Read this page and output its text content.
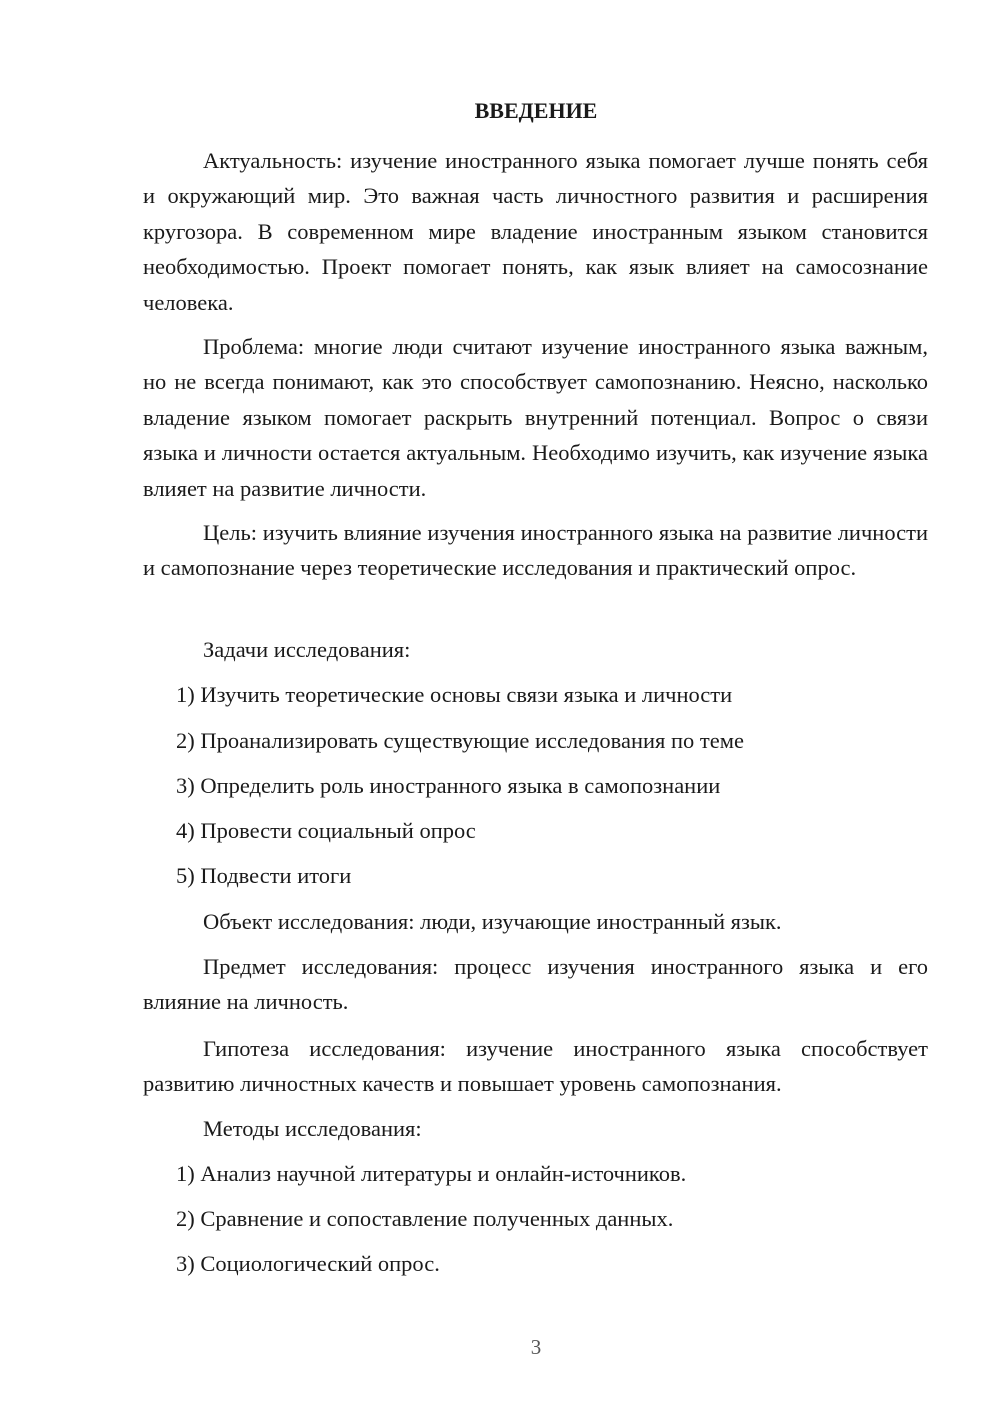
ВВЕДЕНИЕ

Актуальность: изучение иностранного языка помогает лучше понять себя и окружающий мир. Это важная часть личностного развития и расширения кругозора. В современном мире владение иностранным языком становится необходимостью. Проект помогает понять, как язык влияет на самосознание человека.

Проблема: многие люди считают изучение иностранного языка важным, но не всегда понимают, как это способствует самопознанию. Неясно, насколько владение языком помогает раскрыть внутренний потенциал. Вопрос о связи языка и личности остается актуальным. Необходимо изучить, как изучение языка влияет на развитие личности.

Цель: изучить влияние изучения иностранного языка на развитие личности и самопознание через теоретические исследования и практический опрос.

Задачи исследования:

1) Изучить теоретические основы связи языка и личности

2) Проанализировать существующие исследования по теме

3) Определить роль иностранного языка в самопознании

4) Провести социальный опрос

5) Подвести итоги

Объект исследования: люди, изучающие иностранный язык.

Предмет исследования: процесс изучения иностранного языка и его влияние на личность.

Гипотеза исследования: изучение иностранного языка способствует развитию личностных качеств и повышает уровень самопознания.

Методы исследования:

1) Анализ научной литературы и онлайн-источников.

2) Сравнение и сопоставление полученных данных.

3) Социологический опрос.

3
